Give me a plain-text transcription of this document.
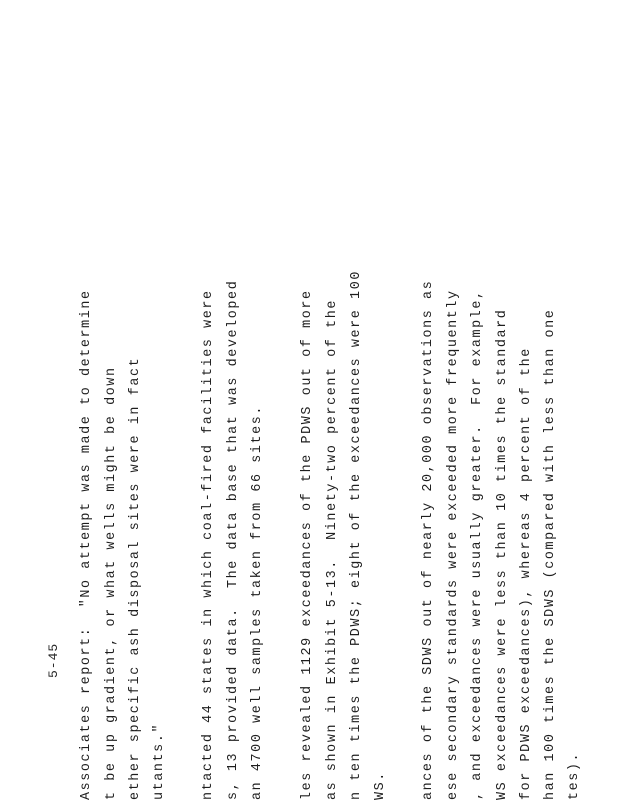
5-45 Associates report:  "No attempt was made to determine t be up gradient, or what wells might be down ether specific ash disposal sites were in fact utants."	ntacted 44 states in which coal-fired facilities were s, 13 provided data.  The data base that was developed an 4700 well samples taken from 66 sites.	les revealed 1129 exceedances of the PDWS out of more as shown in Exhibit 5-13.  Ninety-two percent of the n ten times the PDWS; eight of the exceedances were 100 WS. ances of the SDWS out of nearly 20,000 observations as ese secondary standards were exceeded more frequently , and exceedances were usually greater.  For example, WS exceedances were less than 10 times the standard for PDWS exceedances), whereas 4 percent of the han 100 times the SDWS (compared with less than one tes).
